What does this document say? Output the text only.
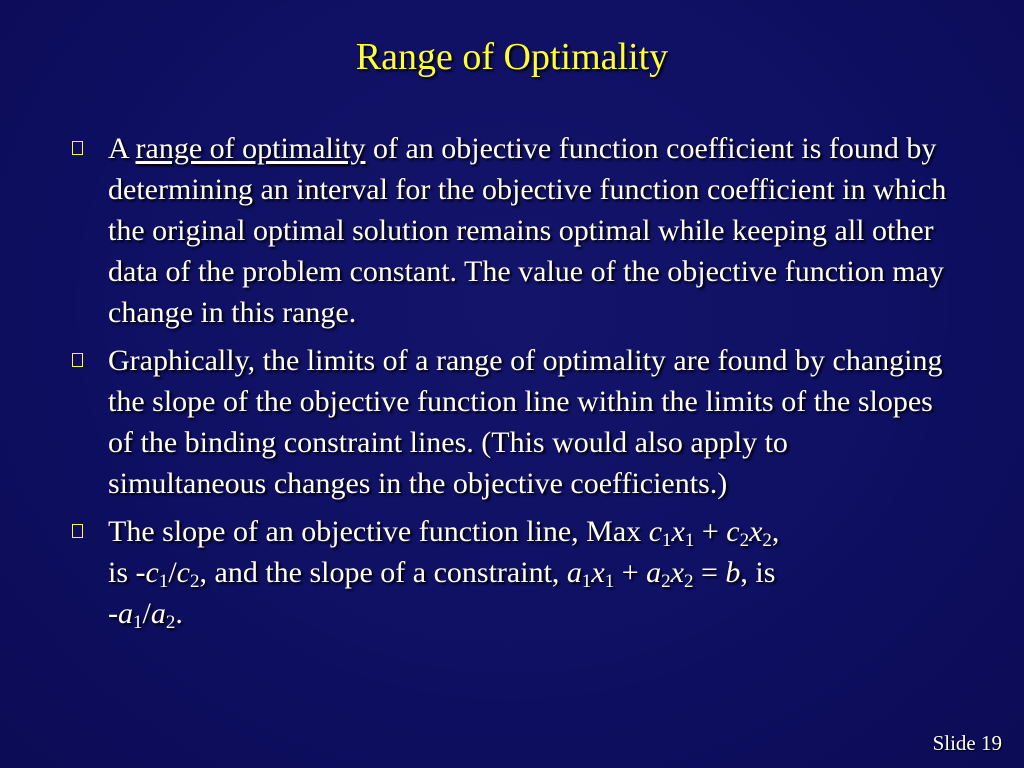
Range of Optimality
A range of optimality of an objective function coefficient is found by determining an interval for the objective function coefficient in which the original optimal solution remains optimal while keeping all other data of the problem constant. The value of the objective function may change in this range.
Graphically, the limits of a range of optimality are found by changing the slope of the objective function line within the limits of the slopes of the binding constraint lines. (This would also apply to simultaneous changes in the objective coefficients.)
The slope of an objective function line, Max $c_1x_1 + c_2x_2$,
is $-c_1/c_2$, and the slope of a constraint, $a_1x_1 + a_2x_2 = b$, is
$-a_1/a_2$.
Slide 19
